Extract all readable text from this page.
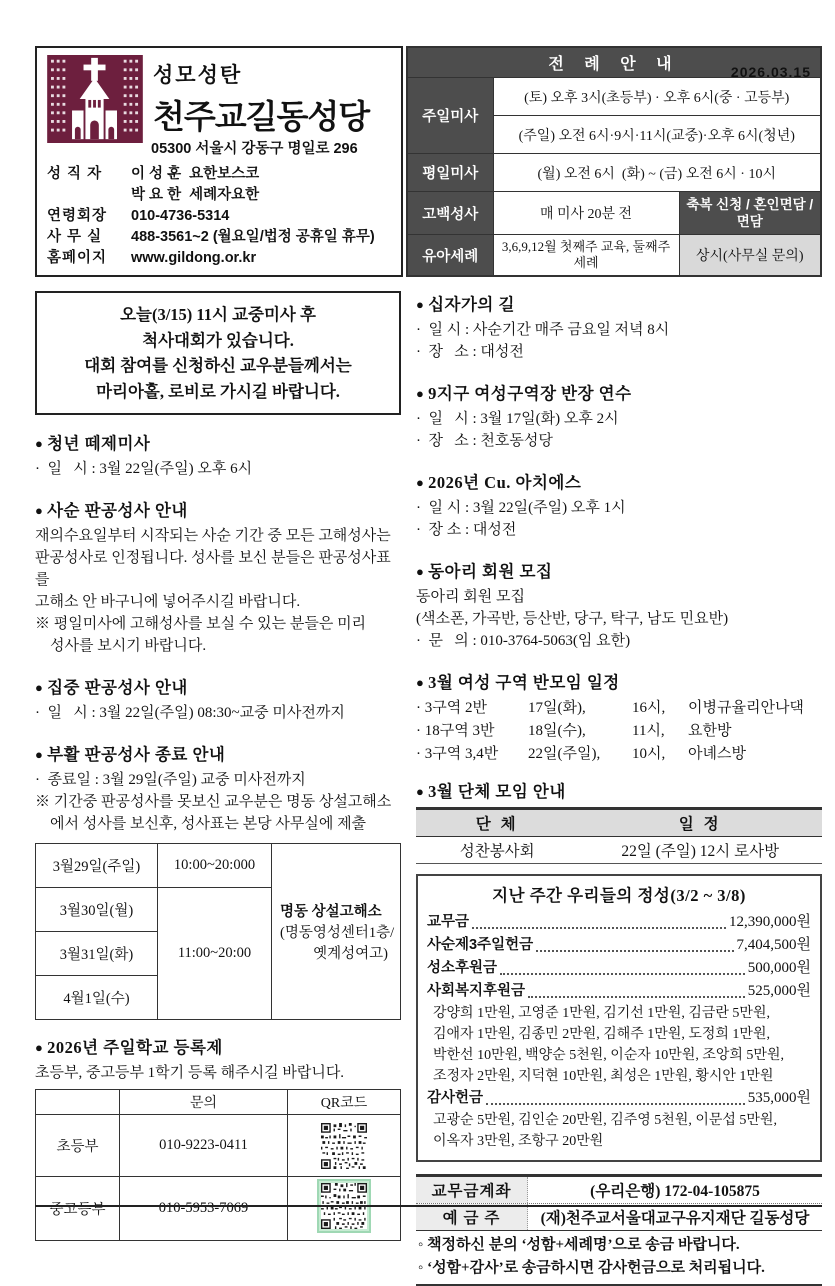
2026.03.15
성모성탄
천주교길동성당
05300 서울시 강동구 명일로 296
성 직 자	이 성 훈  요한보스코
박 요 한  세례자요한
연령회장	010-4736-5314
사 무 실	488-3561~2 (월요일/법정 공휴일 휴무)
홈페이지	www.gildong.or.kr
전 례 안 내		
주일미사	(토) 오후 3시(초등부) · 오후 6시(중 · 고등부)	
	(주일) 오전 6시·9시·11시(교중)·오후 6시(청년)	
평일미사	(월) 오전 6시  (화) ~ (금) 오전 6시 · 10시	
고백성사	매 미사 20분 전	축복 신청 / 혼인면담 / 면담
유아세례	3,6,9,12월 첫째주 교육, 둘째주 세례	상시(사무실 문의)
오늘(3/15) 11시 교중미사 후
척사대회가 있습니다.
대회 참여를 신청하신 교우분들께서는
마리아홀, 로비로 가시길 바랍니다.
● 청년 떼제미사
·  일   시 : 3월 22일(주일) 오후 6시
● 사순 판공성사 안내
재의수요일부터 시작되는 사순 기간 중 모든 고해성사는
판공성사로 인정됩니다. 성사를 보신 분들은 판공성사표를
고해소 안 바구니에 넣어주시길 바랍니다.
※ 평일미사에 고해성사를 보실 수 있는 분들은 미리
성사를 보시기 바랍니다.
● 집중 판공성사 안내
·  일   시 : 3월 22일(주일) 08:30~교중 미사전까지
● 부활 판공성사 종료 안내
·  종료일 : 3월 29일(주일) 교중 미사전까지
※ 기간중 판공성사를 못보신 교우분은 명동 상설고해소
에서 성사를 보신후, 성사표는 본당 사무실에 제출
3월29일(주일)	10:00~20:000	명동 상설고해소
(명동영성센터1층/
옛계성여고)

3월30일(월)	11:00~20:00	
3월31일(화)		
4월1일(수)		
● 2026년 주일학교 등록제
초등부, 중고등부 1학기 등록 해주시길 바랍니다.
	문의	QR코드
초등부	010-9223-0411	

중고등부	010-5953-7069	
● 십자가의 길
·  일 시 : 사순기간 매주 금요일 저녁 8시
·  장   소 : 대성전
● 9지구 여성구역장 반장 연수
·  일   시 : 3월 17일(화) 오후 2시
·  장   소 : 천호동성당
● 2026년 Cu. 아치에스
·  일 시 : 3월 22일(주일) 오후 1시
·  장 소 : 대성전
● 동아리 회원 모집
동아리 회원 모집
(색소폰, 가곡반, 등산반, 당구, 탁구, 남도 민요반)
·  문   의 : 010-3764-5063(임 요한)
● 3월 여성 구역 반모임 일정
· 3구역 2반	17일(화),	16시,	이병규율리안나댁
· 18구역 3반	18일(수),	11시,	요한방
· 3구역 3,4반	22일(주일),	10시,	아녜스방
● 3월 단체 모임 안내
단 체	일 정
성찬봉사회	22일 (주일) 12시 로사방
지난 주간 우리들의 정성(3/2 ~ 3/8)
교무금	12,390,000원
사순제3주일헌금	7,404,500원
성소후원금	500,000원
사회복지후원금	525,000원
강양희 1만원, 고영준 1만원, 김기선 1만원, 김금란 5만원,
김애자 1만원, 김종민 2만원, 김해주 1만원, 도정희 1만원,
박한선 10만원, 백양순 5천원, 이순자 10만원, 조앙희 5만원,
조정자 2만원, 지덕현 10만원, 최성은 1만원, 황시안 1만원
감사헌금	535,000원
고광순 5만원, 김인순 20만원, 김주영 5천원, 이문섭 5만원,
이옥자 3만원, 조항구 20만원
교무금계좌	(우리은행) 172-04-105875
예 금 주	(재)천주교서울대교구유지재단 길동성당
◦ 책정하신 분의 ‘성함+세례명’으로 송금 바랍니다.
◦ ‘성함+감사’로 송금하시면 감사헌금으로 처리됩니다.
